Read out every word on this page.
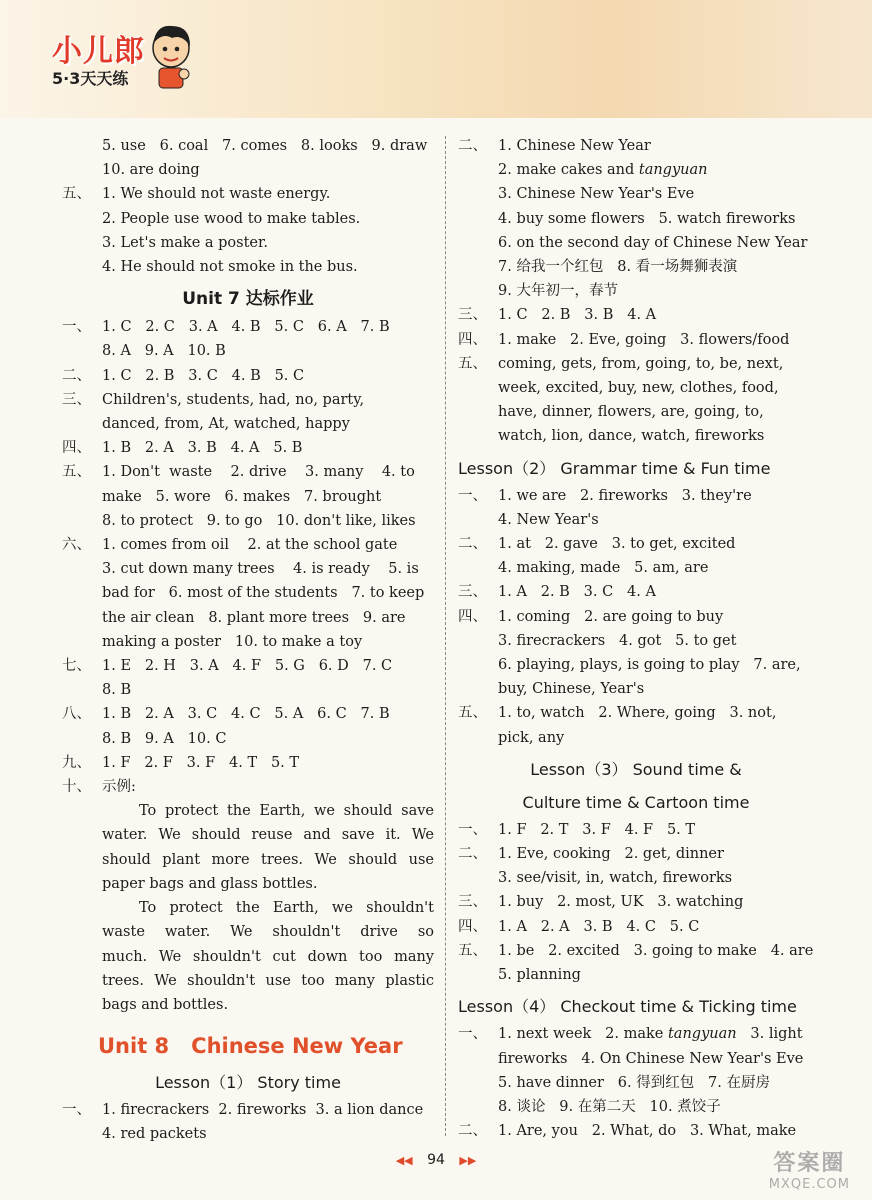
小儿郎
5·3天天练
5. use   6. coal   7. comes   8. looks   9. draw
10. are doing
五、 1. We should not waste energy.
2. People use wood to make tables.
3. Let's make a poster.
4. He should not smoke in the bus.
Unit 7 达标作业
一、 1. C   2. C   3. A   4. B   5. C   6. A   7. B
8. A   9. A   10. B
二、 1. C   2. B   3. C   4. B   5. C
三、 Children's, students, had, no, party,
danced, from, At, watched, happy
四、 1. B   2. A   3. B   4. A   5. B
五、 1. Don't  waste    2. drive    3. many    4. to
make   5. wore   6. makes   7. brought
8. to protect   9. to go   10. don't like, likes
六、 1. comes from oil    2. at the school gate
3. cut down many trees    4. is ready    5. is
bad for   6. most of the students   7. to keep
the air clean   8. plant more trees   9. are
making a poster   10. to make a toy
七、 1. E   2. H   3. A   4. F   5. G   6. D   7. C
8. B
八、 1. B   2. A   3. C   4. C   5. A   6. C   7. B
8. B   9. A   10. C
九、 1. F   2. F   3. F   4. T   5. T
十、 示例:
To protect the Earth, we should save
water. We should reuse and save it. We
should plant more trees. We should use
paper bags and glass bottles.
To protect the Earth, we shouldn't
waste water. We shouldn't drive so
much. We shouldn't cut down too many
trees. We shouldn't use too many plastic
bags and bottles.
Unit 8 Chinese New Year
Lesson（1） Story time
一、 1. firecrackers  2. fireworks  3. a lion dance
4. red packets
二、 1. Chinese New Year
2. make cakes and tangyuan
3. Chinese New Year's Eve
4. buy some flowers   5. watch fireworks
6. on the second day of Chinese New Year
7. 给我一个红包   8. 看一场舞狮表演
9. 大年初一，春节
三、 1. C   2. B   3. B   4. A
四、 1. make   2. Eve, going   3. flowers/food
五、 coming, gets, from, going, to, be, next,
week, excited, buy, new, clothes, food,
have, dinner, flowers, are, going, to,
watch, lion, dance, watch, fireworks
Lesson（2） Grammar time & Fun time
一、 1. we are   2. fireworks   3. they're
4. New Year's
二、 1. at   2. gave   3. to get, excited
4. making, made   5. am, are
三、 1. A   2. B   3. C   4. A
四、 1. coming   2. are going to buy
3. firecrackers   4. got   5. to get
6. playing, plays, is going to play   7. are,
buy, Chinese, Year's
五、 1. to, watch   2. Where, going   3. not,
pick, any
Lesson（3） Sound time &
Culture time & Cartoon time
一、 1. F   2. T   3. F   4. F   5. T
二、 1. Eve, cooking   2. get, dinner
3. see/visit, in, watch, fireworks
三、 1. buy   2. most, UK   3. watching
四、 1. A   2. A   3. B   4. C   5. C
五、 1. be   2. excited   3. going to make   4. are
5. planning
Lesson（4） Checkout time & Ticking time
一、 1. next week   2. make tangyuan   3. light
fireworks   4. On Chinese New Year's Eve
5. have dinner   6. 得到红包   7. 在厨房
8. 谈论   9. 在第二天   10. 煮饺子
二、 1. Are, you   2. What, do   3. What, make
◀◀ 94 ▶▶	答案圈
MXQE.COM
